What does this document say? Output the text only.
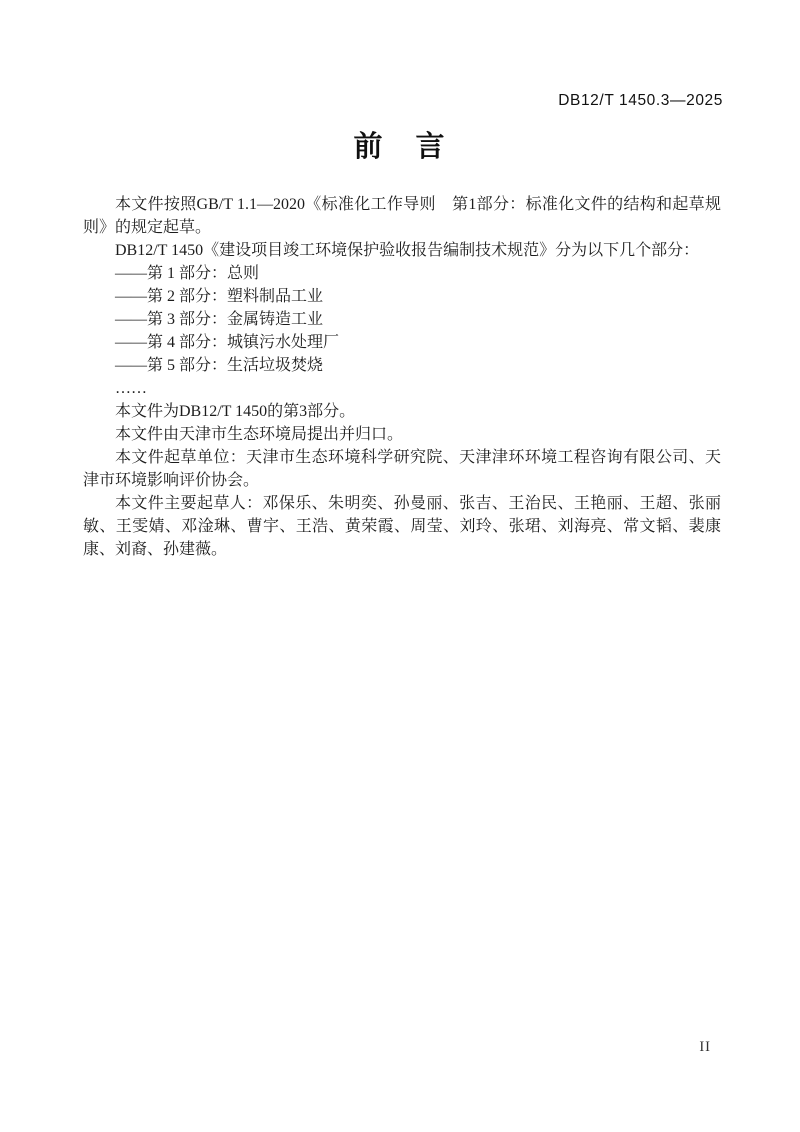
DB12/T 1450.3—2025
前　言

本文件按照GB/T 1.1—2020《标准化工作导则　第1部分：标准化文件的结构和起草规则》的规定起草。

DB12/T 1450《建设项目竣工环境保护验收报告编制技术规范》分为以下几个部分：

——第 1 部分：总则

——第 2 部分：塑料制品工业

——第 3 部分：金属铸造工业

——第 4 部分：城镇污水处理厂

——第 5 部分：生活垃圾焚烧

……

本文件为DB12/T 1450的第3部分。

本文件由天津市生态环境局提出并归口。

本文件起草单位：天津市生态环境科学研究院、天津津环环境工程咨询有限公司、天津市环境影响评价协会。

本文件主要起草人：邓保乐、朱明奕、孙曼丽、张吉、王治民、王艳丽、王超、张丽敏、王雯婧、邓淦琳、曹宇、王浩、黄荣霞、周莹、刘玲、张珺、刘海亮、常文韬、裴康康、刘裔、孙建薇。

II
